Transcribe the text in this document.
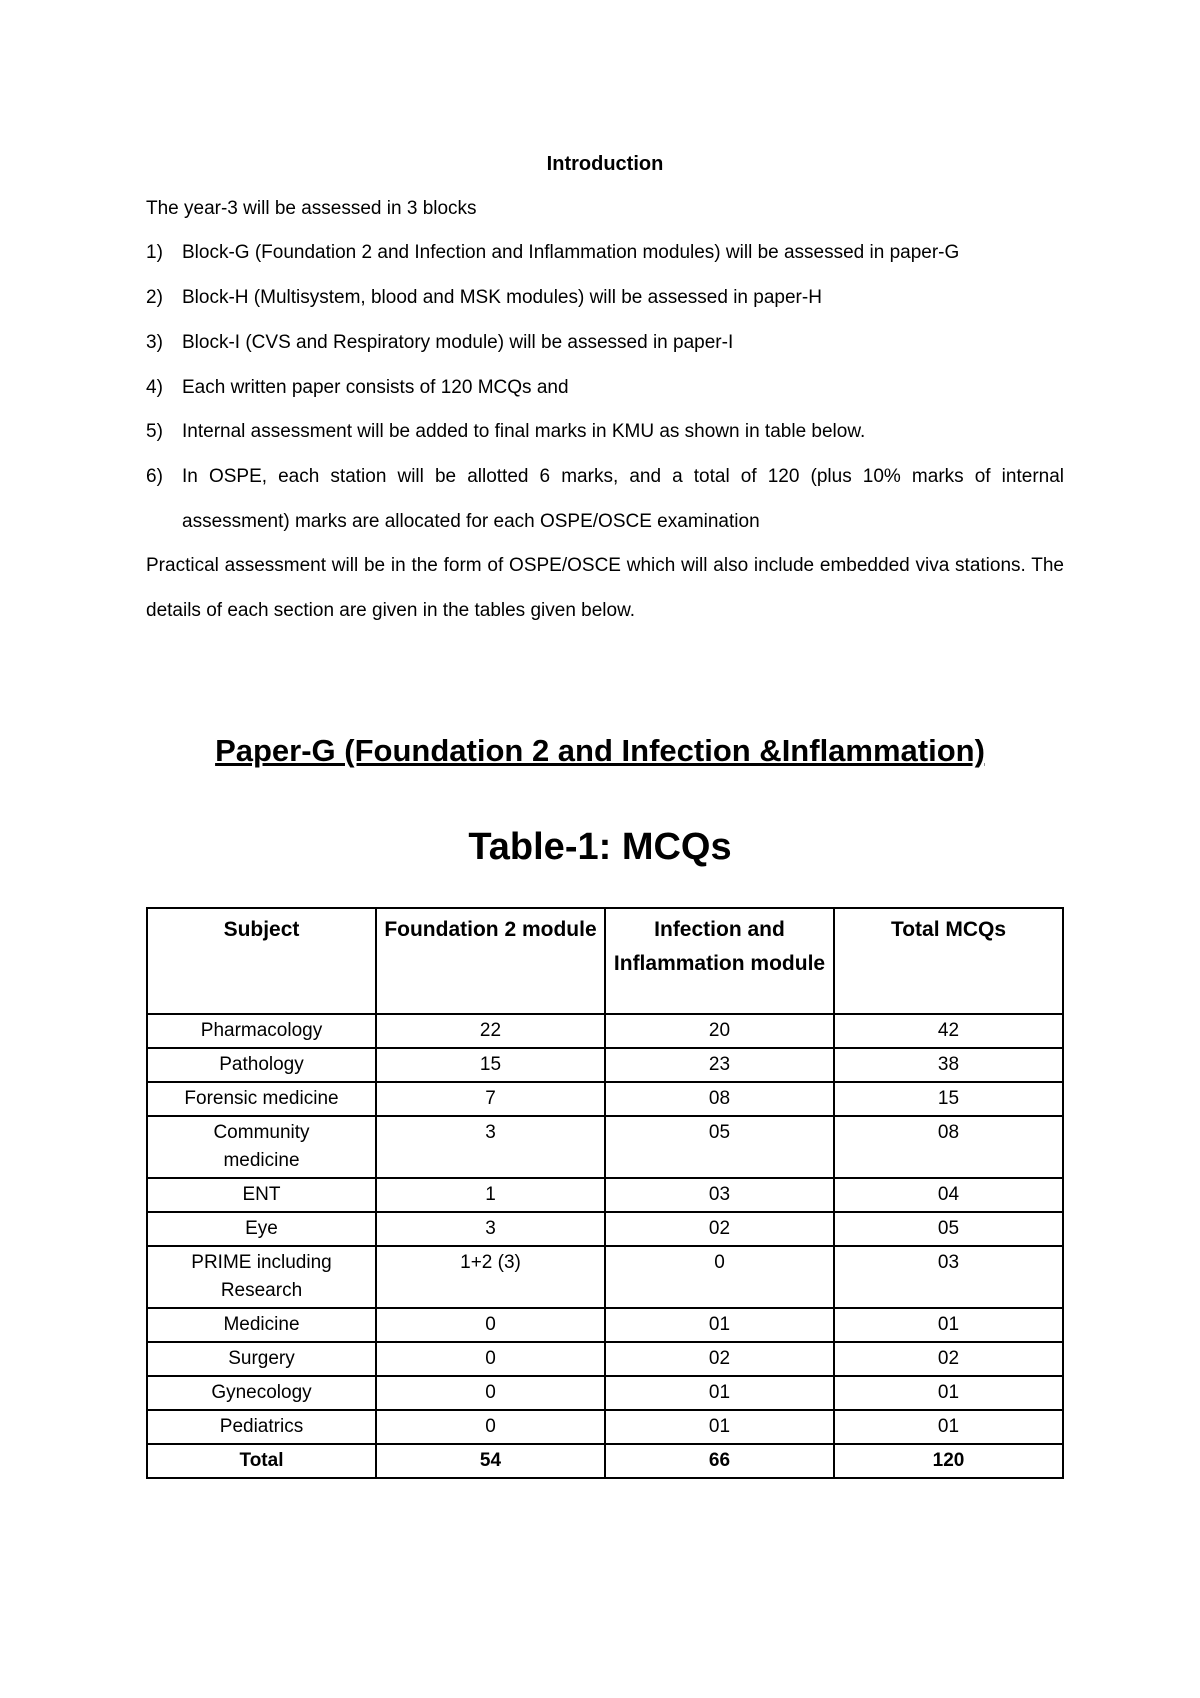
Introduction

The year-3 will be assessed in 3 blocks

1) Block-G (Foundation 2 and Infection and Inflammation modules) will be assessed in paper-G
2) Block-H (Multisystem, blood and MSK modules) will be assessed in paper-H
3) Block-I (CVS and Respiratory module) will be assessed in paper-I
4) Each written paper consists of 120 MCQs and
5) Internal assessment will be added to final marks in KMU as shown in table below.
6) In OSPE, each station will be allotted 6 marks, and a total of 120 (plus 10% marks of internal assessment) marks are allocated for each OSPE/OSCE examination

Practical assessment will be in the form of OSPE/OSCE which will also include embedded viva stations. The details of each section are given in the tables given below.

Paper-G (Foundation 2 and Infection &Inflammation)
Table-1: MCQs
Subject	Foundation 2 module	Infection and Inflammation module	Total MCQs
Pharmacology	22	20	42
Pathology	15	23	38
Forensic medicine	7	08	15
Community medicine	3	05	08
ENT	1	03	04
Eye	3	02	05
PRIME including Research	1+2 (3)	0	03
Medicine	0	01	01
Surgery	0	02	02
Gynecology	0	01	01
Pediatrics	0	01	01
Total	54	66	120
